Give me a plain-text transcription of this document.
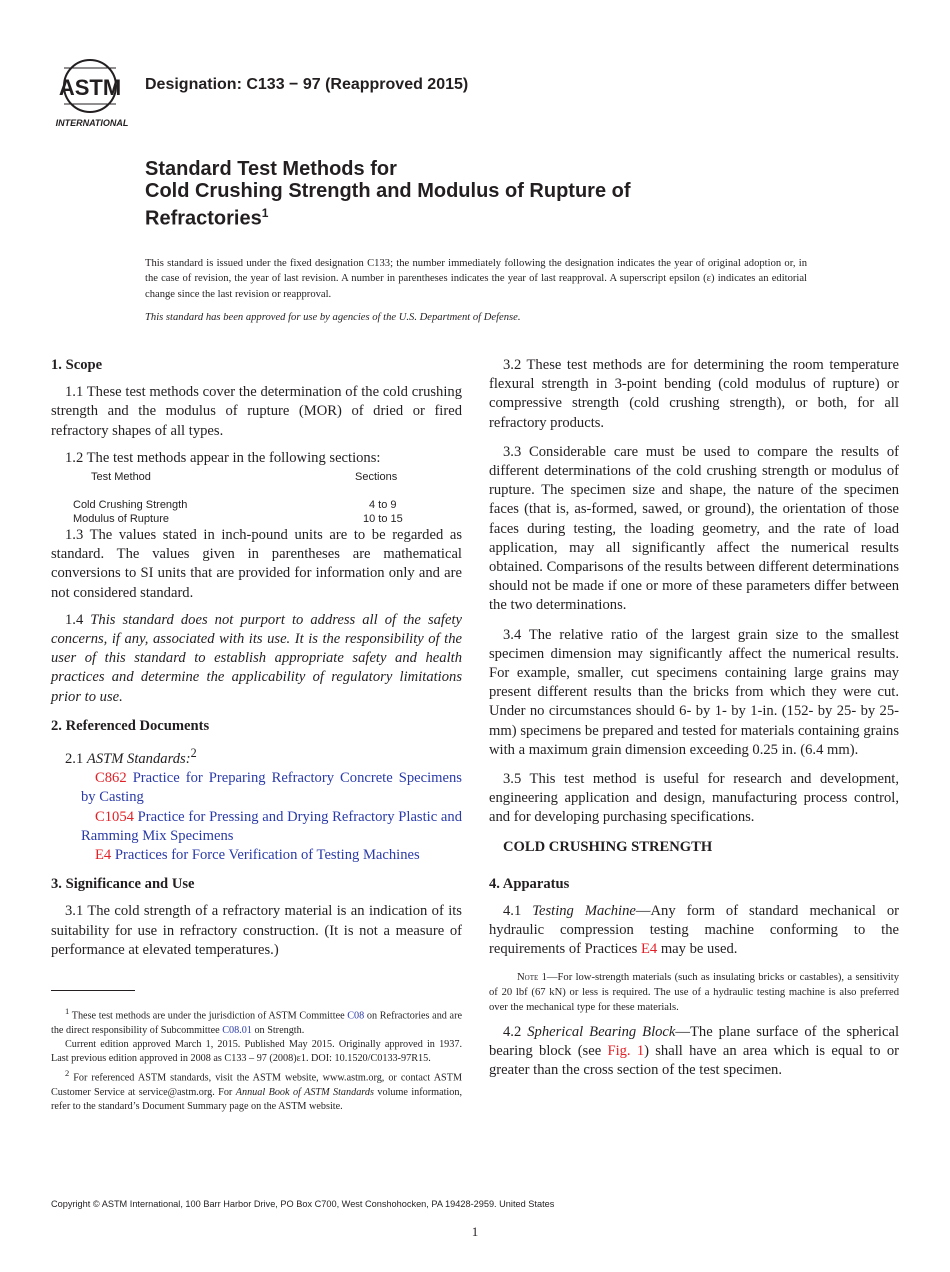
ASTM
INTERNATIONAL
Designation: C133 − 97 (Reapproved 2015)
Standard Test Methods for
Cold Crushing Strength and Modulus of Rupture of
Refractories$^1$
This standard is issued under the fixed designation C133; the number immediately following the designation indicates the year of original adoption or, in the case of revision, the year of last revision. A number in parentheses indicates the year of last reapproval. A superscript epsilon (ε) indicates an editorial change since the last revision or reapproval.
This standard has been approved for use by agencies of the U.S. Department of Defense.
1. Scope

1.1 These test methods cover the determination of the cold crushing strength and the modulus of rupture (MOR) of dried or fired refractory shapes of all types.

1.2 The test methods appear in the following sections:

Test Method	Sections
Cold Crushing Strength	4 to 9
Modulus of Rupture	10 to 15

1.3 The values stated in inch-pound units are to be regarded as standard. The values given in parentheses are mathematical conversions to SI units that are provided for information only and are not considered standard.

1.4 This standard does not purport to address all of the safety concerns, if any, associated with its use. It is the responsibility of the user of this standard to establish appropriate safety and health practices and determine the applicability of regulatory limitations prior to use.

2. Referenced Documents

2.1 ASTM Standards:$^2$

C862 Practice for Preparing Refractory Concrete Specimens by Casting

C1054 Practice for Pressing and Drying Refractory Plastic and Ramming Mix Specimens

E4 Practices for Force Verification of Testing Machines

3. Significance and Use

3.1 The cold strength of a refractory material is an indication of its suitability for use in refractory construction. (It is not a measure of performance at elevated temperatures.)

$^1$ These test methods are under the jurisdiction of ASTM Committee C08 on Refractories and are the direct responsibility of Subcommittee C08.01 on Strength.

Current edition approved March 1, 2015. Published May 2015. Originally approved in 1937. Last previous edition approved in 2008 as C133 – 97 (2008)ε1. DOI: 10.1520/C0133-97R15.

$^2$ For referenced ASTM standards, visit the ASTM website, www.astm.org, or contact ASTM Customer Service at service@astm.org. For Annual Book of ASTM Standards volume information, refer to the standard’s Document Summary page on the ASTM website.

3.2 These test methods are for determining the room temperature flexural strength in 3-point bending (cold modulus of rupture) or compressive strength (cold crushing strength), or both, for all refractory products.

3.3 Considerable care must be used to compare the results of different determinations of the cold crushing strength or modulus of rupture. The specimen size and shape, the nature of the specimen faces (that is, as-formed, sawed, or ground), the orientation of those faces during testing, the loading geometry, and the rate of load application, may all significantly affect the numerical results obtained. Comparisons of the results between different determinations should not be made if one or more of these parameters differ between the two determinations.

3.4 The relative ratio of the largest grain size to the smallest specimen dimension may significantly affect the numerical results. For example, smaller, cut specimens containing large grains may present different results than the bricks from which they were cut. Under no circumstances should 6- by 1- by 1-in. (152- by 25- by 25-mm) specimens be prepared and tested for materials containing grains with a maximum grain dimension exceeding 0.25 in. (6.4 mm).

3.5 This test method is useful for research and development, engineering application and design, manufacturing process control, and for developing purchasing specifications.

COLD CRUSHING STRENGTH

4. Apparatus

4.1 Testing Machine—Any form of standard mechanical or hydraulic compression testing machine conforming to the requirements of Practices E4 may be used.

Note 1—For low-strength materials (such as insulating bricks or castables), a sensitivity of 20 lbf (67 kN) or less is required. The use of a hydraulic testing machine is also preferred over the mechanical type for these materials.

4.2 Spherical Bearing Block—The plane surface of the spherical bearing block (see Fig. 1) shall have an area which is equal to or greater than the cross section of the test specimen.

Copyright © ASTM International, 100 Barr Harbor Drive, PO Box C700, West Conshohocken, PA 19428-2959. United States
1
